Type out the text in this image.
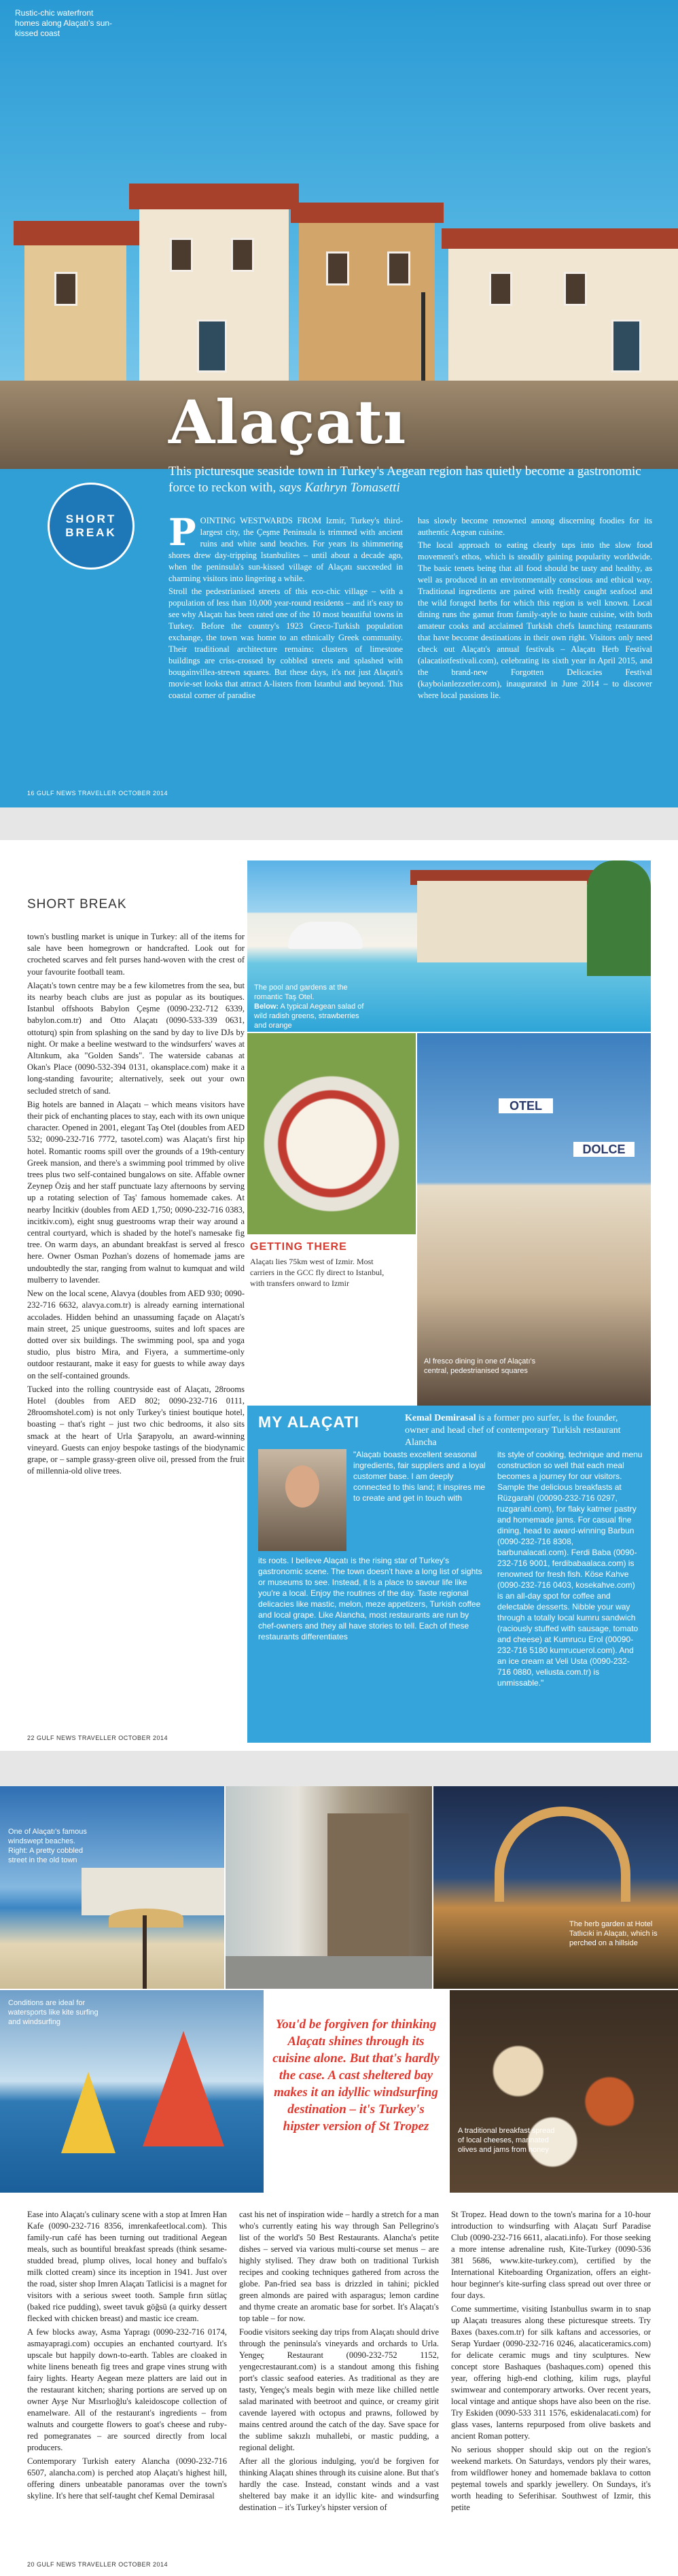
Rustic-chic waterfront homes along Alaçatı's sun-kissed coast
Alaçatı

This picturesque seaside town in Turkey's Aegean region has quietly become a gastronomic force to reckon with, says Kathryn Tomasetti

SHORT
BREAK POINTING WESTWARDS FROM Izmir, Turkey's third-largest city, the Çeşme Peninsula is trimmed with ancient ruins and white sand beaches. For years its shimmering shores drew day-tripping Istanbulites – until about a decade ago, when the peninsula's sun-kissed village of Alaçatı succeeded in charming visitors into lingering a while.

Stroll the pedestrianised streets of this eco-chic village – with a population of less than 10,000 year-round residents – and it's easy to see why Alaçatı has been rated one of the 10 most beautiful towns in Turkey. Before the country's 1923 Greco-Turkish population exchange, the town was home to an ethnically Greek community. Their traditional architecture remains: clusters of limestone buildings are criss-crossed by cobbled streets and splashed with bougainvillea-strewn squares. But these days, it's not just Alaçatı's movie-set looks that attract A-listers from Istanbul and beyond. This coastal corner of paradise

has slowly become renowned among discerning foodies for its authentic Aegean cuisine.

The local approach to eating clearly taps into the slow food movement's ethos, which is steadily gaining popularity worldwide. The basic tenets being that all food should be tasty and healthy, as well as produced in an environmentally conscious and ethical way. Traditional ingredients are paired with freshly caught seafood and the wild foraged herbs for which this region is well known. Local dining runs the gamut from family-style to haute cuisine, with both amateur cooks and acclaimed Turkish chefs launching restaurants that have become destinations in their own right. Visitors only need check out Alaçatı's annual festivals – Alaçatı Herb Festival (alacatiotfestivali.com), celebrating its sixth year in April 2015, and the brand-new Forgotten Delicacies Festival (kaybolanlezzetler.com), inaugurated in June 2014 – to discover where local passions lie.

16 GULF NEWS TRAVELLER OCTOBER 2014
SHORT BREAK

town's bustling market is unique in Turkey: all of the items for sale have been homegrown or handcrafted. Look out for crocheted scarves and felt purses hand-woven with the crest of your favourite football team.

Alaçatı's town centre may be a few kilometres from the sea, but its nearby beach clubs are just as popular as its boutiques. Istanbul offshoots Babylon Çeşme (0090-232-712 6339, babylon.com.tr) and Otto Alaçatı (0090-533-339 0631, ottoturq) spin from splashing on the sand by day to live DJs by night. Or make a beeline westward to the windsurfers' waves at Altınkum, aka "Golden Sands". The waterside cabanas at Okan's Place (0090-532-394 0131, okansplace.com) make it a long-standing favourite; alternatively, seek out your own secluded stretch of sand.

Big hotels are banned in Alaçatı – which means visitors have their pick of enchanting places to stay, each with its own unique character. Opened in 2001, elegant Taş Otel (doubles from AED 532; 0090-232-716 7772, tasotel.com) was Alaçatı's first hip hotel. Romantic rooms spill over the grounds of a 19th-century Greek mansion, and there's a swimming pool trimmed by olive trees plus two self-contained bungalows on site. Affable owner Zeynep Öziş and her staff punctuate lazy afternoons by serving up a rotating selection of Taş' famous homemade cakes. At nearby İncitkiv (doubles from AED 1,750; 0090-232-716 0383, incitkiv.com), eight snug guestrooms wrap their way around a central courtyard, which is shaded by the hotel's namesake fig tree. On warm days, an abundant breakfast is served al fresco here. Owner Osman Pozhan's dozens of homemade jams are undoubtedly the star, ranging from walnut to kumquat and wild mulberry to lavender.

New on the local scene, Alavya (doubles from AED 930; 0090-232-716 6632, alavya.com.tr) is already earning international accolades. Hidden behind an unassuming façade on Alaçatı's main street, 25 unique guestrooms, suites and loft spaces are dotted over six buildings. The swimming pool, spa and yoga studio, plus bistro Mira, and Fiyera, a summertime-only outdoor restaurant, make it easy for guests to while away days on the self-contained grounds.

Tucked into the rolling countryside east of Alaçatı, 28rooms Hotel (doubles from AED 802; 0090-232-716 0111, 28roomshotel.com) is not only Turkey's tiniest boutique hotel, boasting – that's right – just two chic bedrooms, it also sits smack at the heart of Urla Şarapyolu, an award-winning vineyard. Guests can enjoy bespoke tastings of the biodynamic grape, or – sample grassy-green olive oil, pressed from the fruit of millennia-old olive trees.

The pool and gardens at the romantic Taş Otel.
Below: A typical Aegean salad of wild radish greens, strawberries and orange
OTEL
DOLCE
Al fresco dining in one of Alaçatı's central, pedestrianised squares
GETTING THERE

Alaçatı lies 75km west of Izmir. Most carriers in the GCC fly direct to Istanbul, with transfers onward to Izmir

MY ALAÇATI	Kemal Demirasal is a former pro surfer, is the founder, owner and head chef of contemporary Turkish restaurant Alancha

"Alaçatı boasts excellent seasonal ingredients, fair suppliers and a loyal customer base. I am deeply connected to this land; it inspires me to create and get in touch with

its roots. I believe Alaçatı is the rising star of Turkey's gastronomic scene. The town doesn't have a long list of sights or museums to see. Instead, it is a place to savour life like you're a local. Enjoy the routines of the day. Taste regional delicacies like mastic, melon, meze appetizers, Turkish coffee and local grape. Like Alancha, most restaurants are run by chef-owners and they all have stories to tell. Each of these restaurants differentiates

its style of cooking, technique and menu construction so well that each meal becomes a journey for our visitors. Sample the delicious breakfasts at Rüzgarahl (00090-232-716 0297, ruzgarahl.com), for flaky katmer pastry and homemade jams. For casual fine dining, head to award-winning Barbun (0090-232-716 8308, barbunalacati.com). Ferdi Baba (0090-232-716 9001, ferdibabaalaca.com) is renowned for fresh fish. Köse Kahve (0090-232-716 0403, kosekahve.com) is an all-day spot for coffee and delectable desserts. Nibble your way through a totally local kumru sandwich (raciously stuffed with sausage, tomato and cheese) at Kumrucu Erol (00090-232-716 5180 kumrucuerol.com). And an ice cream at Veli Usta (0090-232-716 0880, veliusta.com.tr) is unmissable."

22 GULF NEWS TRAVELLER OCTOBER 2014
One of Alaçatı's famous windswept beaches. Right: A pretty cobbled street in the old town
The herb garden at Hotel Tatlıcıki in Alaçatı, which is perched on a hillside
Conditions are ideal for watersports like kite surfing and windsurfing	You'd be forgiven for thinking Alaçatı shines through its cuisine alone. But that's hardly the case. A cast sheltered bay makes it an idyllic windsurfing destination – it's Turkey's hipster version of St Tropez	A traditional breakfast spread of local cheeses, marinated olives and jams from honey

Ease into Alaçatı's culinary scene with a stop at Imren Han Kafe (0090-232-716 8356, imrenkafeetlocal.com). This family-run café has been turning out traditional Aegean meals, such as bountiful breakfast spreads (think sesame-studded bread, plump olives, local honey and buffalo's milk clotted cream) since its inception in 1941. Just over the road, sister shop Imren Alaçatı Tatlicisi is a magnet for visitors with a serious sweet tooth. Sample fırın sütlaç (baked rice pudding), sweet tavuk göğsü (a quirky dessert flecked with chicken breast) and mastic ice cream.

A few blocks away, Asma Yapragı (0090-232-716 0174, asmayapragi.com) occupies an enchanted courtyard. It's upscale but happily down-to-earth. Tables are cloaked in white linens beneath fig trees and grape vines strung with fairy lights. Hearty Aegean meze platters are laid out in the restaurant kitchen; sharing portions are served up on owner Ayşe Nur Mısırlıoğlu's kaleidoscope collection of enamelware. All of the restaurant's ingredients – from walnuts and courgette flowers to goat's cheese and ruby-red pomegranates – are sourced directly from local producers.

Contemporary Turkish eatery Alancha (0090-232-716 6507, alancha.com) is perched atop Alaçatı's highest hill, offering diners unbeatable panoramas over the town's skyline. It's here that self-taught chef Kemal Demirasal

cast his net of inspiration wide – hardly a stretch for a man who's currently eating his way through San Pellegrino's list of the world's 50 Best Restaurants. Alancha's petite dishes – served via various multi-course set menus – are highly stylised. They draw both on traditional Turkish recipes and cooking techniques gathered from across the globe. Pan-fried sea bass is drizzled in tahini; pickled green almonds are paired with asparagus; lemon cardine and thyme create an aromatic base for sorbet. It's Alaçatı's top table – for now.

Foodie visitors seeking day trips from Alaçatı should drive through the peninsula's vineyards and orchards to Urla. Yengeç Restaurant (0090-232-752 1152, yengecrestaurant.com) is a standout among this fishing port's classic seafood eateries. As traditional as they are tasty, Yengeç's meals begin with meze like chilled nettle salad marinated with beetroot and quince, or creamy girit cavende layered with octopus and prawns, followed by mains centred around the catch of the day. Save space for the sublime sakızlı muhallebi, or mastic pudding, a regional delight.

After all the glorious indulging, you'd be forgiven for thinking Alaçatı shines through its cuisine alone. But that's hardly the case. Instead, constant winds and a vast sheltered bay make it an idyllic kite- and windsurfing destination – it's Turkey's hipster version of

St Tropez. Head down to the town's marina for a 10-hour introduction to windsurfing with Alaçatı Surf Paradise Club (0090-232-716 6611, alacati.info). For those seeking a more intense adrenaline rush, Kite-Turkey (0090-536 381 5686, www.kite-turkey.com), certified by the International Kiteboarding Organization, offers an eight-hour beginner's kite-surfing class spread out over three or four days.

Come summertime, visiting Istanbullus swarm in to snap up Alaçatı treasures along these picturesque streets. Try Baxes (baxes.com.tr) for silk kaftans and accessories, or Serap Yurdaer (0090-232-716 0246, alacaticeramics.com) for delicate ceramic mugs and tiny sculptures. New concept store Bashaques (bashaques.com) opened this year, offering high-end clothing, kilim rugs, playful swimwear and contemporary artworks. Over recent years, local vintage and antique shops have also been on the rise. Try Eskiden (0090-533 311 1576, eskidenalacati.com) for glass vases, lanterns repurposed from olive baskets and ancient Roman pottery.

No serious shopper should skip out on the region's weekend markets. On Saturdays, vendors ply their wares, from wildflower honey and homemade baklava to cotton peştemal towels and sparkly jewellery. On Sundays, it's worth heading to Seferihisar. Southwest of Izmir, this petite

20 GULF NEWS TRAVELLER OCTOBER 2014
